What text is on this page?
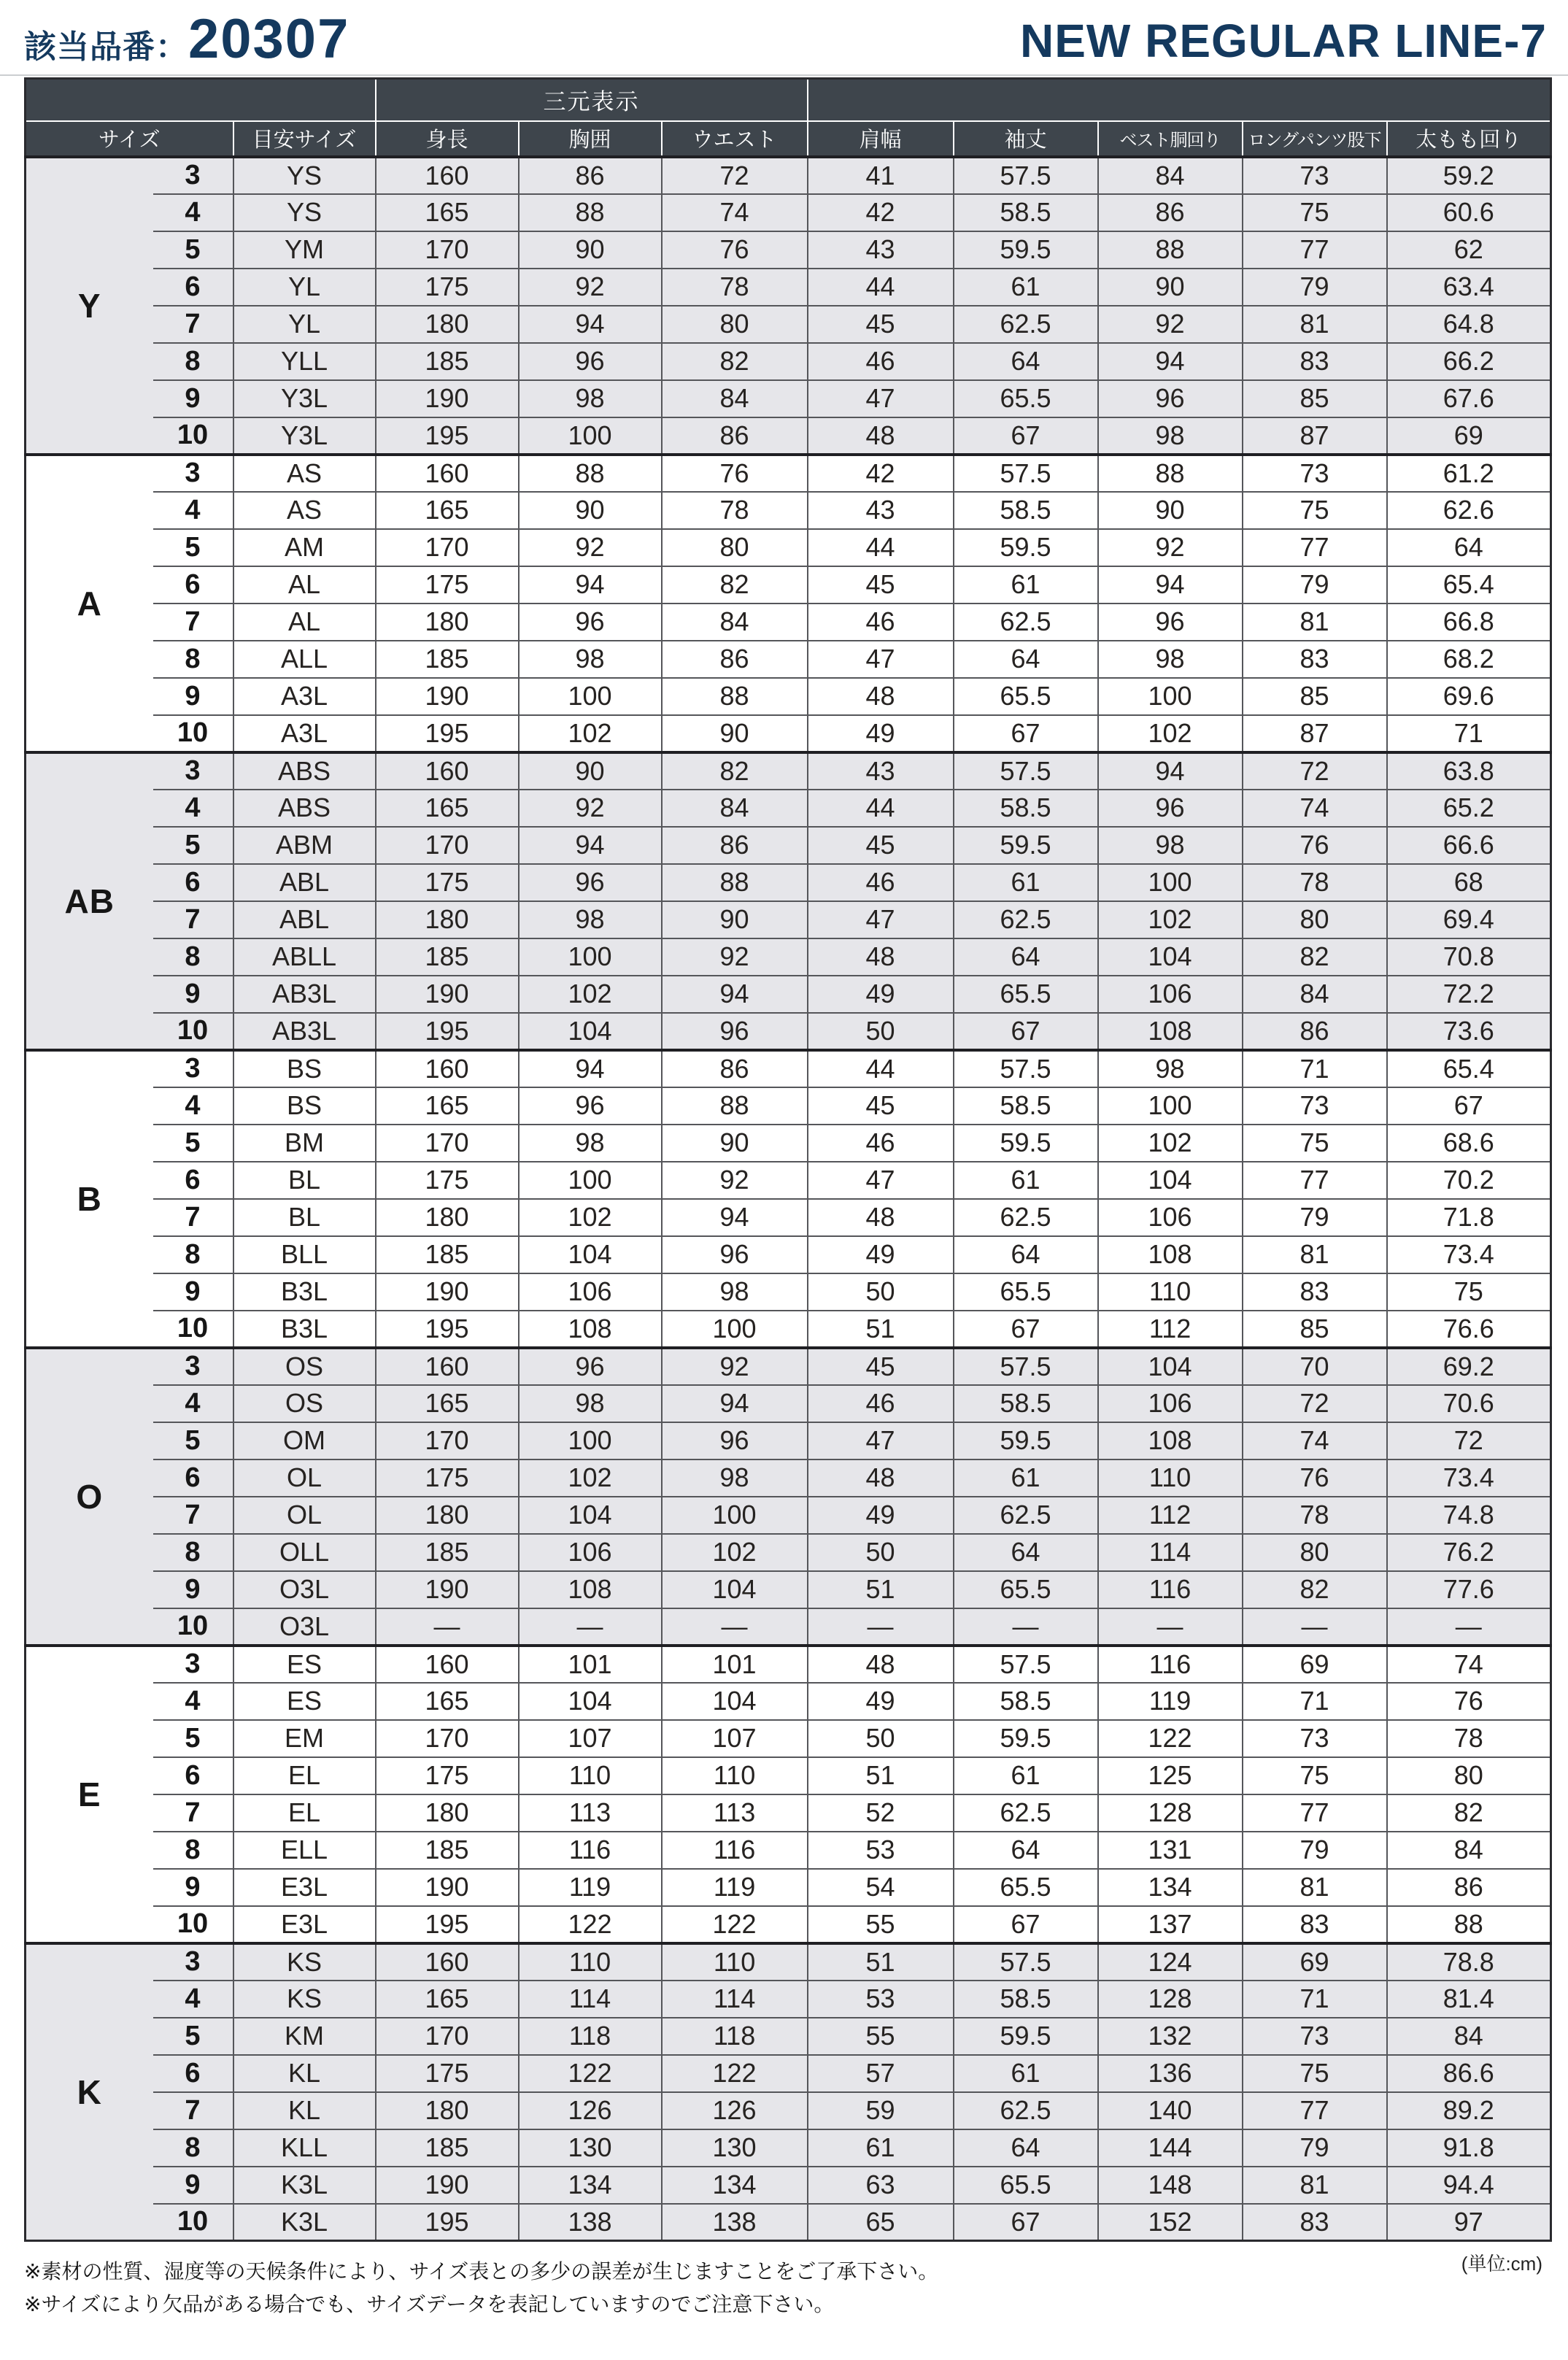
該当品番： 20307	NEW REGULAR LINE-7
			三元表示							
サイズ		目安サイズ	身長	胸囲	ウエスト	肩幅	袖丈	ベスト胴回り	ロングパンツ股下	太もも回り
Y	3	YS	160	86	72	41	57.5	84	73	59.2
	4	YS	165	88	74	42	58.5	86	75	60.6
	5	YM	170	90	76	43	59.5	88	77	62
	6	YL	175	92	78	44	61	90	79	63.4
	7	YL	180	94	80	45	62.5	92	81	64.8
	8	YLL	185	96	82	46	64	94	83	66.2
	9	Y3L	190	98	84	47	65.5	96	85	67.6
	10	Y3L	195	100	86	48	67	98	87	69
A	3	AS	160	88	76	42	57.5	88	73	61.2
	4	AS	165	90	78	43	58.5	90	75	62.6
	5	AM	170	92	80	44	59.5	92	77	64
	6	AL	175	94	82	45	61	94	79	65.4
	7	AL	180	96	84	46	62.5	96	81	66.8
	8	ALL	185	98	86	47	64	98	83	68.2
	9	A3L	190	100	88	48	65.5	100	85	69.6
	10	A3L	195	102	90	49	67	102	87	71
AB	3	ABS	160	90	82	43	57.5	94	72	63.8
	4	ABS	165	92	84	44	58.5	96	74	65.2
	5	ABM	170	94	86	45	59.5	98	76	66.6
	6	ABL	175	96	88	46	61	100	78	68
	7	ABL	180	98	90	47	62.5	102	80	69.4
	8	ABLL	185	100	92	48	64	104	82	70.8
	9	AB3L	190	102	94	49	65.5	106	84	72.2
	10	AB3L	195	104	96	50	67	108	86	73.6
B	3	BS	160	94	86	44	57.5	98	71	65.4
	4	BS	165	96	88	45	58.5	100	73	67
	5	BM	170	98	90	46	59.5	102	75	68.6
	6	BL	175	100	92	47	61	104	77	70.2
	7	BL	180	102	94	48	62.5	106	79	71.8
	8	BLL	185	104	96	49	64	108	81	73.4
	9	B3L	190	106	98	50	65.5	110	83	75
	10	B3L	195	108	100	51	67	112	85	76.6
O	3	OS	160	96	92	45	57.5	104	70	69.2
	4	OS	165	98	94	46	58.5	106	72	70.6
	5	OM	170	100	96	47	59.5	108	74	72
	6	OL	175	102	98	48	61	110	76	73.4
	7	OL	180	104	100	49	62.5	112	78	74.8
	8	OLL	185	106	102	50	64	114	80	76.2
	9	O3L	190	108	104	51	65.5	116	82	77.6
	10	O3L	—	—	—	—	—	—	—	—
E	3	ES	160	101	101	48	57.5	116	69	74
	4	ES	165	104	104	49	58.5	119	71	76
	5	EM	170	107	107	50	59.5	122	73	78
	6	EL	175	110	110	51	61	125	75	80
	7	EL	180	113	113	52	62.5	128	77	82
	8	ELL	185	116	116	53	64	131	79	84
	9	E3L	190	119	119	54	65.5	134	81	86
	10	E3L	195	122	122	55	67	137	83	88
K	3	KS	160	110	110	51	57.5	124	69	78.8
	4	KS	165	114	114	53	58.5	128	71	81.4
	5	KM	170	118	118	55	59.5	132	73	84
	6	KL	175	122	122	57	61	136	75	86.6
	7	KL	180	126	126	59	62.5	140	77	89.2
	8	KLL	185	130	130	61	64	144	79	91.8
	9	K3L	190	134	134	63	65.5	148	81	94.4
	10	K3L	195	138	138	65	67	152	83	97
(単位:cm)
※素材の性質、湿度等の天候条件により、サイズ表との多少の誤差が生じますことをご了承下さい。
※サイズにより欠品がある場合でも、サイズデータを表記していますのでご注意下さい。
